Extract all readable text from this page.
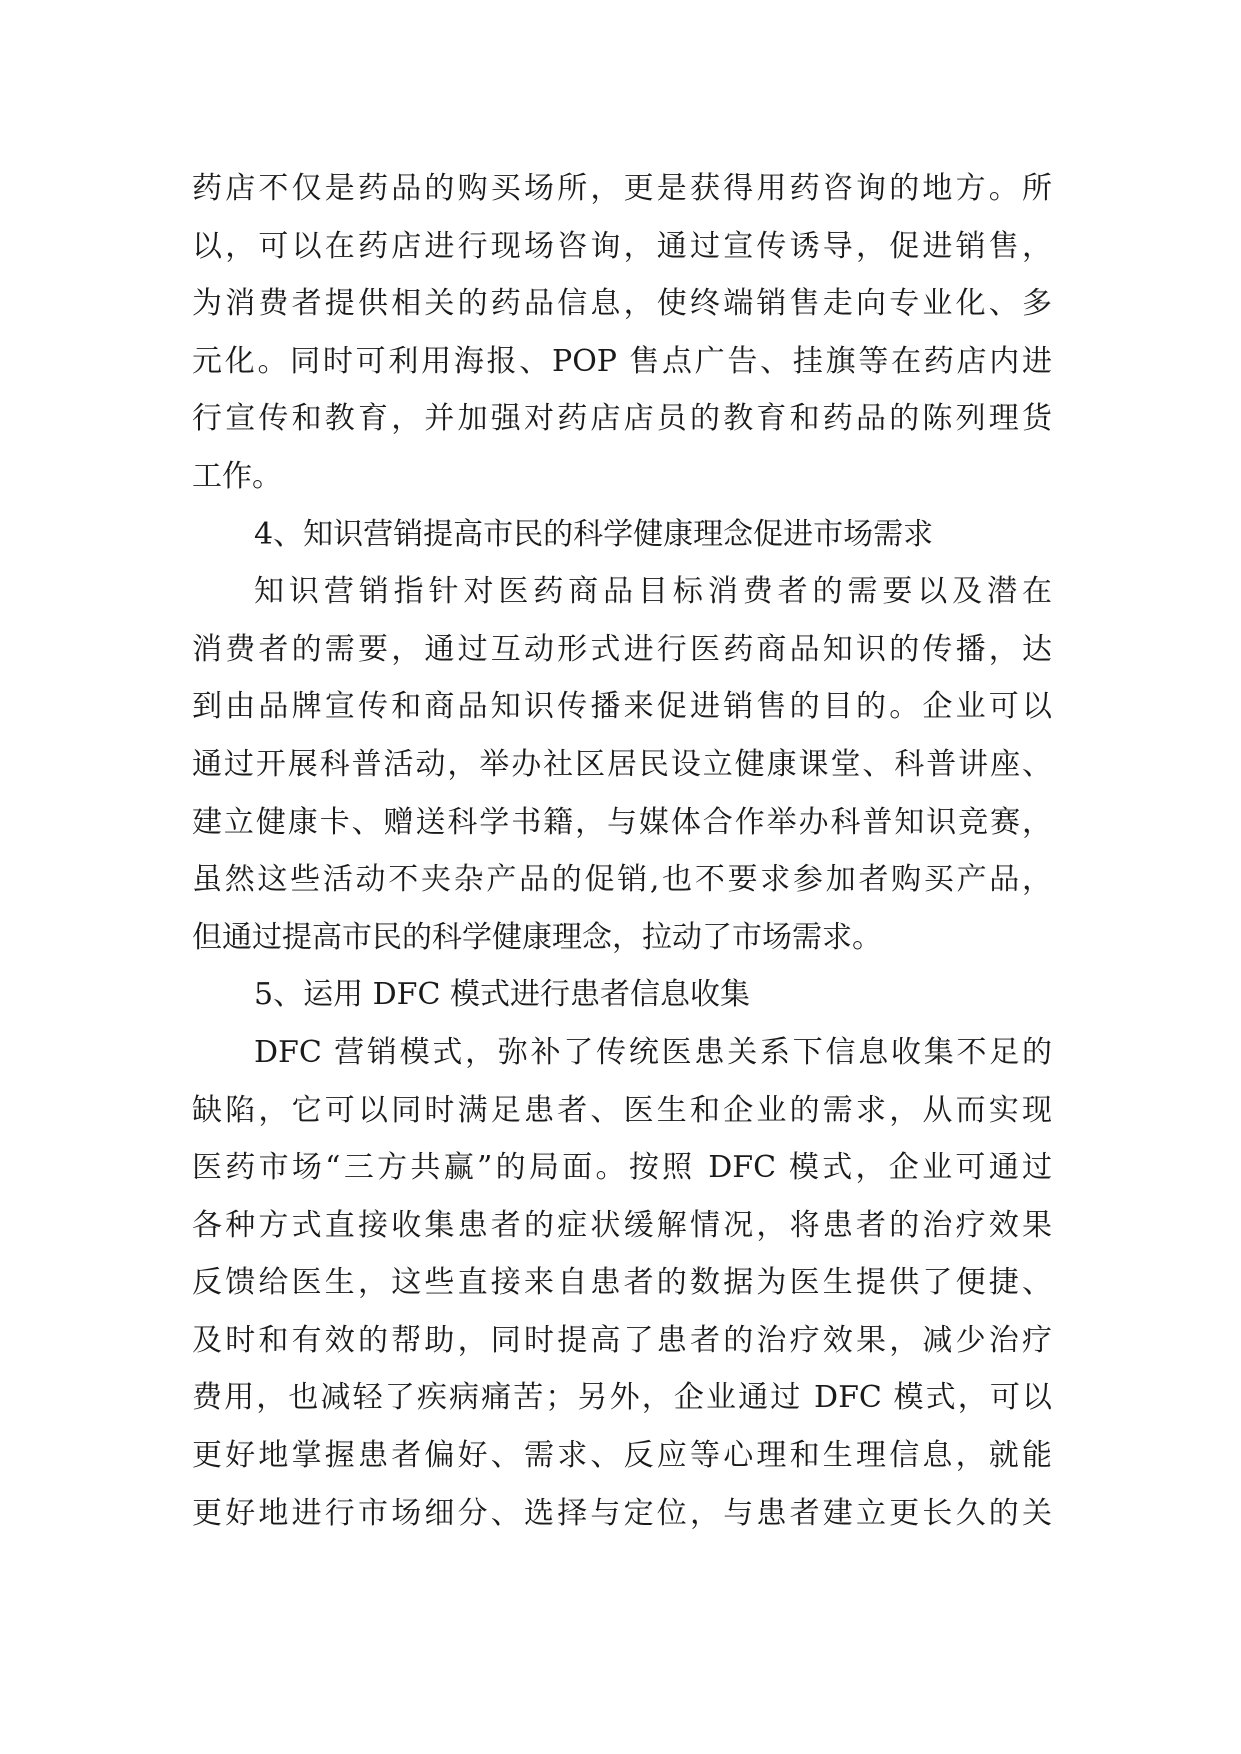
药店不仅是药品的购买场所，更是获得用药咨询的地方。所
以，可以在药店进行现场咨询，通过宣传诱导，促进销售，
为消费者提供相关的药品信息，使终端销售走向专业化、多
元化。同时可利用海报、POP 售点广告、挂旗等在药店内进
行宣传和教育，并加强对药店店员的教育和药品的陈列理货
工作。
4、知识营销提高市民的科学健康理念促进市场需求
知识营销指针对医药商品目标消费者的需要以及潜在
消费者的需要，通过互动形式进行医药商品知识的传播，达
到由品牌宣传和商品知识传播来促进销售的目的。企业可以
通过开展科普活动，举办社区居民设立健康课堂、科普讲座、
建立健康卡、赠送科学书籍，与媒体合作举办科普知识竞赛，
虽然这些活动不夹杂产品的促销,也不要求参加者购买产品，
但通过提高市民的科学健康理念，拉动了市场需求。
5、运用 DFC 模式进行患者信息收集
DFC 营销模式，弥补了传统医患关系下信息收集不足的
缺陷，它可以同时满足患者、医生和企业的需求，从而实现
医药市场“三方共赢”的局面。按照 DFC 模式，企业可通过
各种方式直接收集患者的症状缓解情况，将患者的治疗效果
反馈给医生，这些直接来自患者的数据为医生提供了便捷、
及时和有效的帮助，同时提高了患者的治疗效果，减少治疗
费用，也减轻了疾病痛苦；另外，企业通过 DFC 模式，可以
更好地掌握患者偏好、需求、反应等心理和生理信息，就能
更好地进行市场细分、选择与定位，与患者建立更长久的关
